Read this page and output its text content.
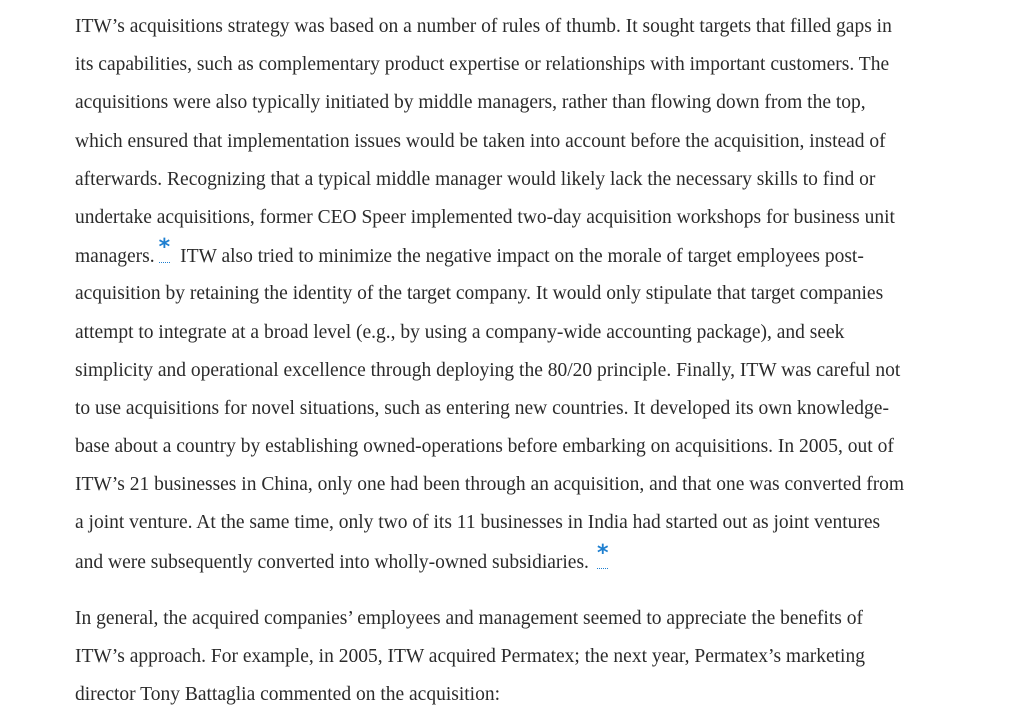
ITW’s acquisitions strategy was based on a number of rules of thumb. It sought targets that filled gaps in
its capabilities, such as complementary product expertise or relationships with important customers. The
acquisitions were also typically initiated by middle managers, rather than flowing down from the top,
which ensured that implementation issues would be taken into account before the acquisition, instead of
afterwards. Recognizing that a typical middle manager would likely lack the necessary skills to find or
undertake acquisitions, former CEO Speer implemented two-day acquisition workshops for business unit
managers. * ITW also tried to minimize the negative impact on the morale of target employees post-
acquisition by retaining the identity of the target company. It would only stipulate that target companies
attempt to integrate at a broad level (e.g., by using a company-wide accounting package), and seek
simplicity and operational excellence through deploying the 80/20 principle. Finally, ITW was careful not
to use acquisitions for novel situations, such as entering new countries. It developed its own knowledge-
base about a country by establishing owned-operations before embarking on acquisitions. In 2005, out of
ITW’s 21 businesses in China, only one had been through an acquisition, and that one was converted from
a joint venture. At the same time, only two of its 11 businesses in India had started out as joint ventures
and were subsequently converted into wholly-owned subsidiaries. *

In general, the acquired companies’ employees and management seemed to appreciate the benefits of
ITW’s approach. For example, in 2005, ITW acquired Permatex; the next year, Permatex’s marketing
director Tony Battaglia commented on the acquisition:
